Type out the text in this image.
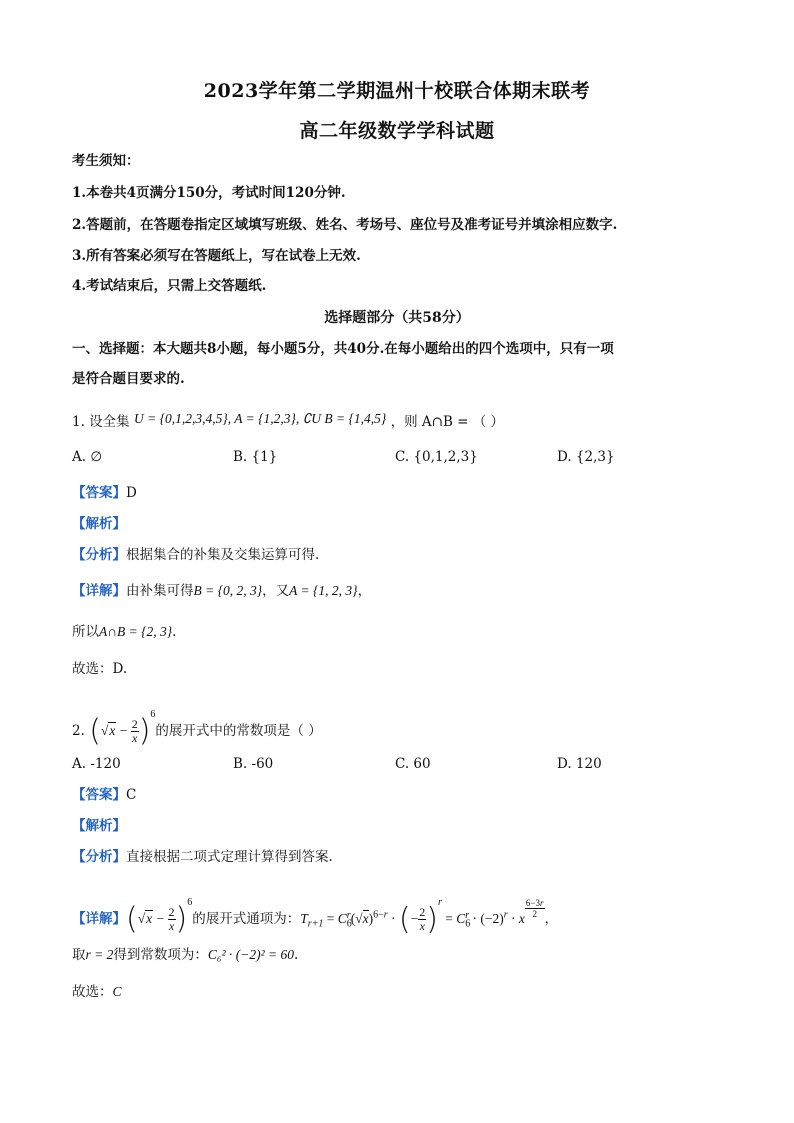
2023学年第二学期温州十校联合体期末联考
高二年级数学学科试题
考生须知：
1.本卷共4页满分150分，考试时间120分钟.
2.答题前，在答题卷指定区域填写班级、姓名、考场号、座位号及准考证号并填涂相应数字.
3.所有答案必须写在答题纸上，写在试卷上无效.
4.考试结束后，只需上交答题纸.
选择题部分（共58分）
一、选择题：本大题共8小题，每小题5分，共40分.在每小题给出的四个选项中，只有一项
是符合题目要求的.
1. 设全集 U = {0,1,2,3,4,5}, A = {1,2,3}, ∁U B = {1,4,5} ，则 A∩B = （ ）
A. ∅	B. {1}	C. {0,1,2,3}	D. {2,3}
【答案】D
【解析】
【分析】根据集合的补集及交集运算可得.
【详解】由补集可得B = {0, 2, 3}，又A = {1, 2, 3}，
所以A∩B = {2, 3}.
故选：D.
2. $(√x - \frac{2}{x} )^6$的展开式中的常数项是（ ）
A. -120	B. -60	C. 60	D. 120
【答案】C
【解析】
【分析】直接根据二项式定理计算得到答案.
【详解】$(√x - \frac{2}{x} )^6$的展开式通项为：$T_{r+1} = C_6^r(√x)^{6-r}$ · (− $\frac{2}{x} )^r = C_6^r \cdot (-2)^r \cdot x$ $^{\frac{6-3r}{2}}$ ，
取r = 2得到常数项为：C₆² · (−2)² = 60.
故选：C
